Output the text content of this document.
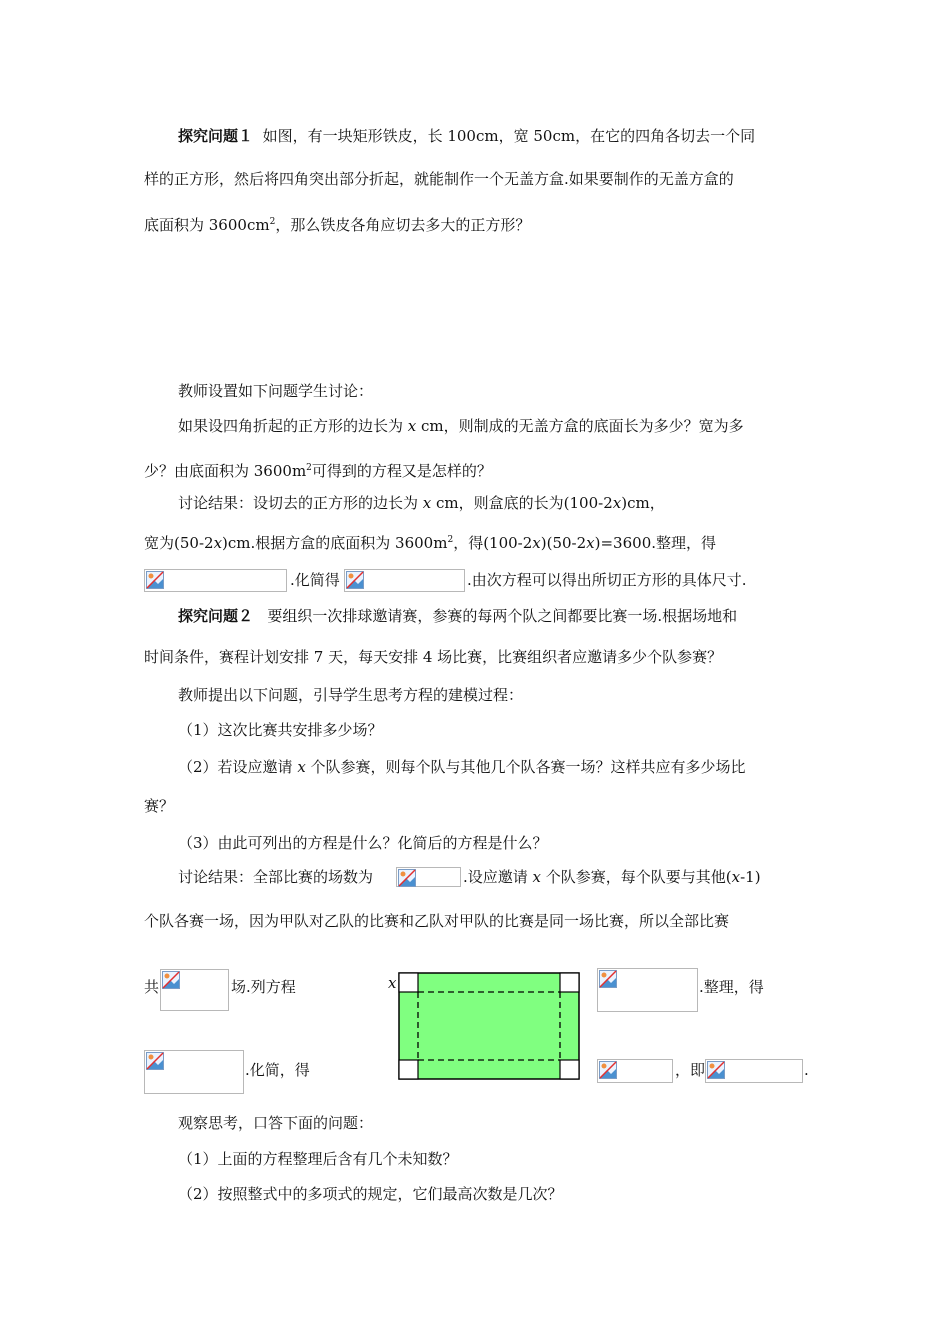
探究问题１ 如图，有一块矩形铁皮，长 100cm，宽 50cm，在它的四角各切去一个同
样的正方形，然后将四角突出部分折起，就能制作一个无盖方盒.如果要制作的无盖方盒的
底面积为 $3600cm^2$，那么铁皮各角应切去多大的正方形？
教师设置如下问题学生讨论：
如果设四角折起的正方形的边长为 x cm，则制成的无盖方盒的底面长为多少？宽为多
少？由底面积为 $3600m^2$可得到的方程又是怎样的？
讨论结果：设切去的正方形的边长为 x cm，则盒底的长为(100-2x)cm，
宽为(50-2x)cm.根据方盒的底面积为 $3600m^2$，得(100-2x)(50-2x)=3600.整理，得
.化简得	.由次方程可以得出所切正方形的具体尺寸.
探究问题２ 要组织一次排球邀请赛，参赛的每两个队之间都要比赛一场.根据场地和
时间条件，赛程计划安排 7 天，每天安排 4 场比赛，比赛组织者应邀请多少个队参赛？
教师提出以下问题，引导学生思考方程的建模过程：
（1）这次比赛共安排多少场？
（2）若设应邀请 x 个队参赛，则每个队与其他几个队各赛一场？这样共应有多少场比
赛？
（3）由此可列出的方程是什么？化简后的方程是什么？
讨论结果：全部比赛的场数为	.设应邀请 x 个队参赛，每个队要与其他(x-1)
个队各赛一场，因为甲队对乙队的比赛和乙队对甲队的比赛是同一场比赛，所以全部比赛
共	场.列方程	x	.整理，得
.化简，得	，即	.
观察思考，口答下面的问题：
（1）上面的方程整理后含有几个未知数？
（2）按照整式中的多项式的规定，它们最高次数是几次？
